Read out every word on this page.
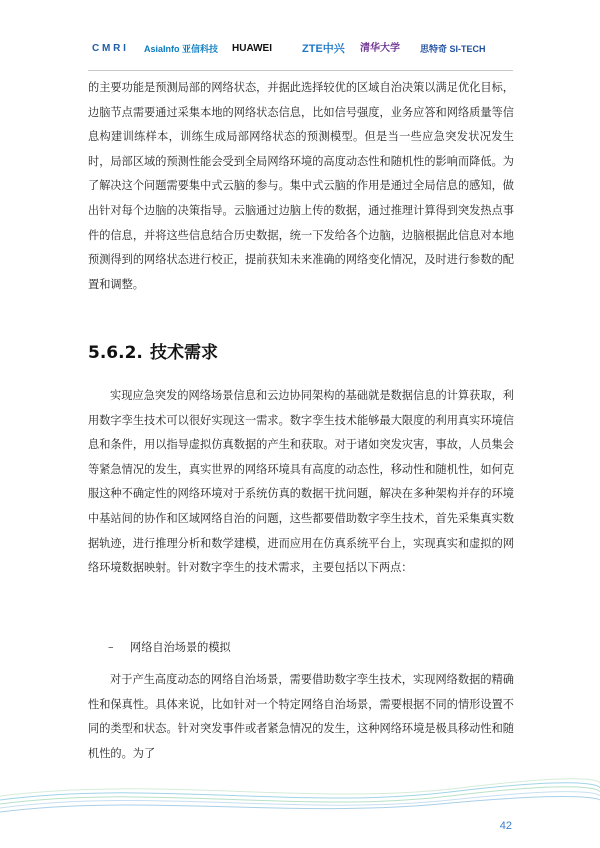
C M R I AsiaInfo 亚信科技 HUAWEI	ZTE中兴 清华大学 思特奇 SI-TECH

的主要功能是预测局部的网络状态，并据此选择较优的区域自治决策以满足优化目标，边脑节点需要通过采集本地的网络状态信息，比如信号强度，业务应答和网络质量等信息构建训练样本，训练生成局部网络状态的预测模型。但是当一些应急突发状况发生时，局部区域的预测性能会受到全局网络环境的高度动态性和随机性的影响而降低。为了解决这个问题需要集中式云脑的参与。集中式云脑的作用是通过全局信息的感知，做出针对每个边脑的决策指导。云脑通过边脑上传的数据，通过推理计算得到突发热点事件的信息，并将这些信息结合历史数据，统一下发给各个边脑，边脑根据此信息对本地预测得到的网络状态进行校正，提前获知未来准确的网络变化情况，及时进行参数的配置和调整。

5.6.2. 技术需求

实现应急突发的网络场景信息和云边协同架构的基础就是数据信息的计算获取，利用数字孪生技术可以很好实现这一需求。数字孪生技术能够最大限度的利用真实环境信息和条件，用以指导虚拟仿真数据的产生和获取。对于诸如突发灾害，事故，人员集会等紧急情况的发生，真实世界的网络环境具有高度的动态性，移动性和随机性，如何克服这种不确定性的网络环境对于系统仿真的数据干扰问题，解决在多种架构并存的环境中基站间的协作和区域网络自治的问题，这些都要借助数字孪生技术，首先采集真实数据轨迹，进行推理分析和数学建模，进而应用在仿真系统平台上，实现真实和虚拟的网络环境数据映射。针对数字孪生的技术需求，主要包括以下两点：

– 网络自治场景的模拟

对于产生高度动态的网络自治场景，需要借助数字孪生技术，实现网络数据的精确性和保真性。具体来说，比如针对一个特定网络自治场景，需要根据不同的情形设置不同的类型和状态。针对突发事件或者紧急情况的发生，这种网络环境是极具移动性和随机性的。为了

42
